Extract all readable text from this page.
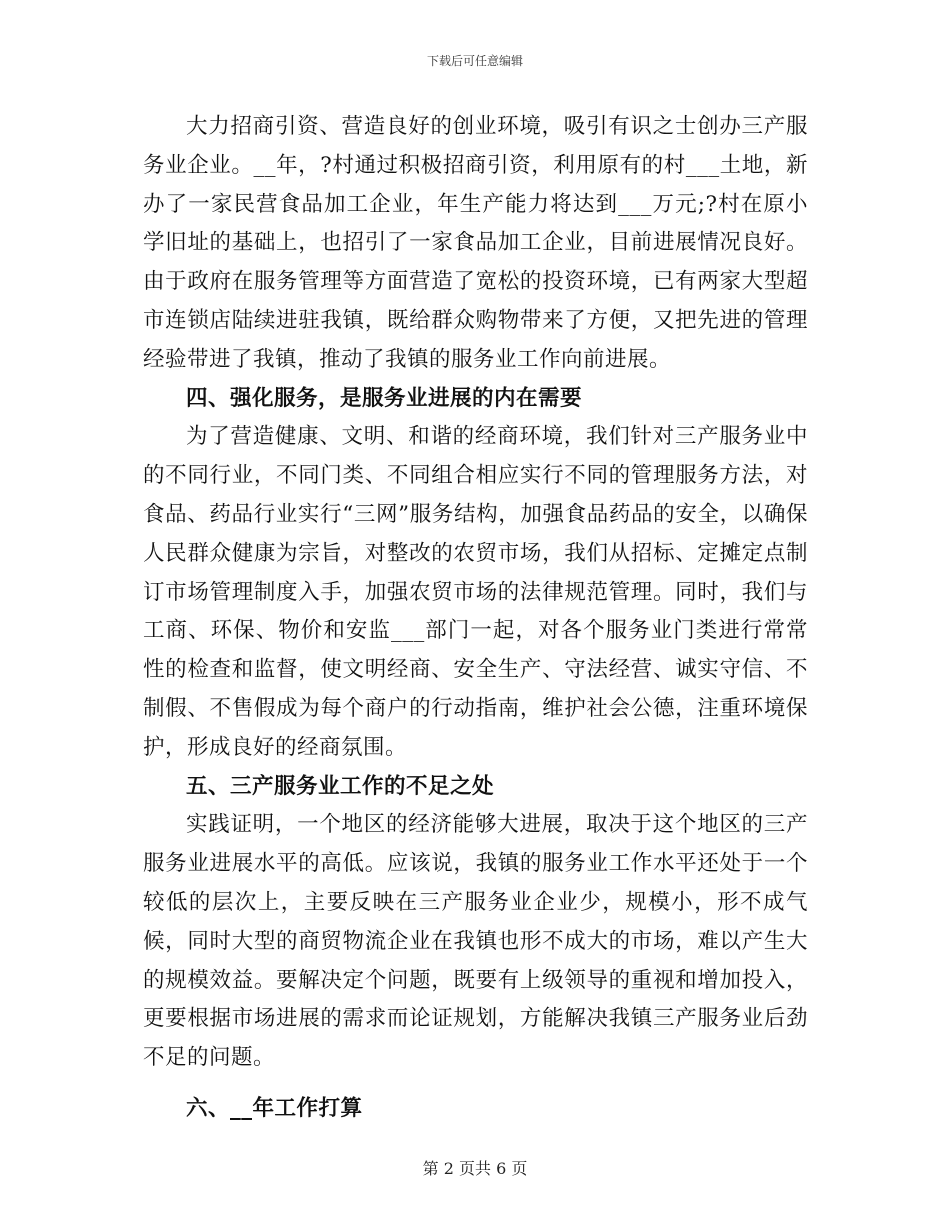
下载后可任意编辑

大力招商引资、营造良好的创业环境，吸引有识之士创办三产服务业企业。__年，?村通过积极招商引资，利用原有的村___土地，新办了一家民营食品加工企业，年生产能力将达到___万元;?村在原小学旧址的基础上，也招引了一家食品加工企业，目前进展情况良好。由于政府在服务管理等方面营造了宽松的投资环境，已有两家大型超市连锁店陆续进驻我镇，既给群众购物带来了方便，又把先进的管理经验带进了我镇，推动了我镇的服务业工作向前进展。

四、强化服务，是服务业进展的内在需要

为了营造健康、文明、和谐的经商环境，我们针对三产服务业中的不同行业，不同门类、不同组合相应实行不同的管理服务方法，对食品、药品行业实行“三网”服务结构，加强食品药品的安全，以确保人民群众健康为宗旨，对整改的农贸市场，我们从招标、定摊定点制订市场管理制度入手，加强农贸市场的法律规范管理。同时，我们与工商、环保、物价和安监___部门一起，对各个服务业门类进行常常性的检查和监督，使文明经商、安全生产、守法经营、诚实守信、不制假、不售假成为每个商户的行动指南，维护社会公德，注重环境保护，形成良好的经商氛围。

五、三产服务业工作的不足之处

实践证明，一个地区的经济能够大进展，取决于这个地区的三产服务业进展水平的高低。应该说，我镇的服务业工作水平还处于一个较低的层次上，主要反映在三产服务业企业少，规模小，形不成气候，同时大型的商贸物流企业在我镇也形不成大的市场，难以产生大的规模效益。要解决定个问题，既要有上级领导的重视和增加投入，更要根据市场进展的需求而论证规划，方能解决我镇三产服务业后劲不足的问题。

六、__年工作打算

第 2 页共 6 页
